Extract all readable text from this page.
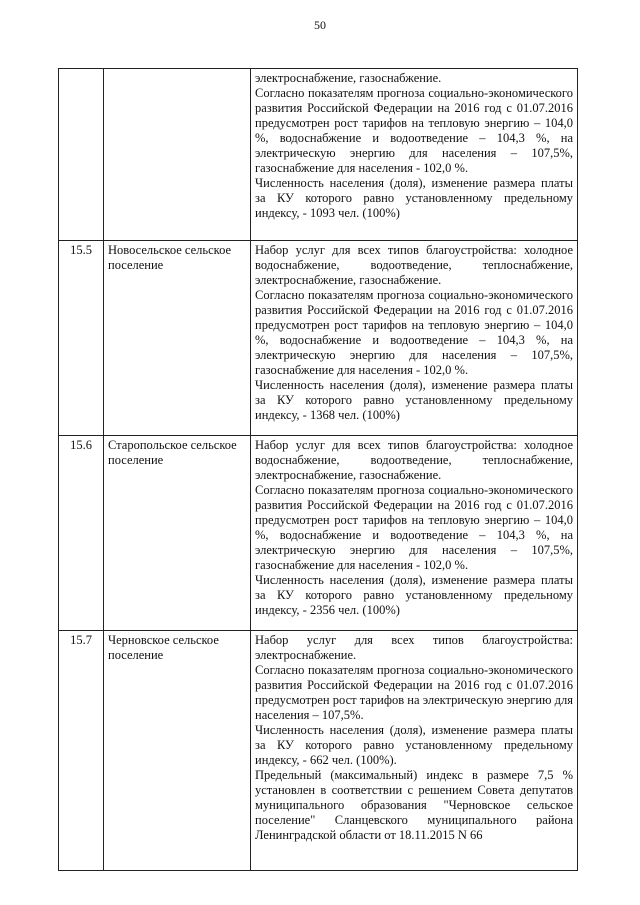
50

		электроснабжение, газоснабжение.

Согласно показателям прогноза социально-экономического развития Российской Федерации на 2016 год с 01.07.2016 предусмотрен рост тарифов на тепловую энергию – 104,0 %, водоснабжение и водоотведение – 104,3 %, на электрическую энергию для населения – 107,5%, газоснабжение для населения - 102,0 %.

Численность населения (доля), изменение размера платы за КУ которого равно установленному предельному индексу, - 1093 чел. (100%)

15.5	Новосельское сельское поселение	Набор услуг для всех типов благоустройства: холодное водоснабжение, водоотведение, теплоснабжение, электроснабжение, газоснабжение.

Согласно показателям прогноза социально-экономического развития Российской Федерации на 2016 год с 01.07.2016 предусмотрен рост тарифов на тепловую энергию – 104,0 %, водоснабжение и водоотведение – 104,3 %, на электрическую энергию для населения – 107,5%, газоснабжение для населения - 102,0 %.

Численность населения (доля), изменение размера платы за КУ которого равно установленному предельному индексу, - 1368 чел. (100%)

15.6	Старопольское сельское поселение	Набор услуг для всех типов благоустройства: холодное водоснабжение, водоотведение, теплоснабжение, электроснабжение, газоснабжение.

Согласно показателям прогноза социально-экономического развития Российской Федерации на 2016 год с 01.07.2016 предусмотрен рост тарифов на тепловую энергию – 104,0 %, водоснабжение и водоотведение – 104,3 %, на электрическую энергию для населения – 107,5%, газоснабжение для населения - 102,0 %.

Численность населения (доля), изменение размера платы за КУ которого равно установленному предельному индексу, - 2356 чел. (100%)

15.7	Черновское сельское поселение	Набор услуг для всех типов благоустройства: электроснабжение.

Согласно показателям прогноза социально-экономического развития Российской Федерации на 2016 год с 01.07.2016 предусмотрен рост тарифов на электрическую энергию для населения – 107,5%.

Численность населения (доля), изменение размера платы за КУ которого равно установленному предельному индексу, - 662 чел. (100%).

Предельный (максимальный) индекс в размере 7,5 % установлен в соответствии с решением Совета депутатов муниципального образования "Черновское сельское поселение" Сланцевского муниципального района Ленинградской области от 18.11.2015 N 66
